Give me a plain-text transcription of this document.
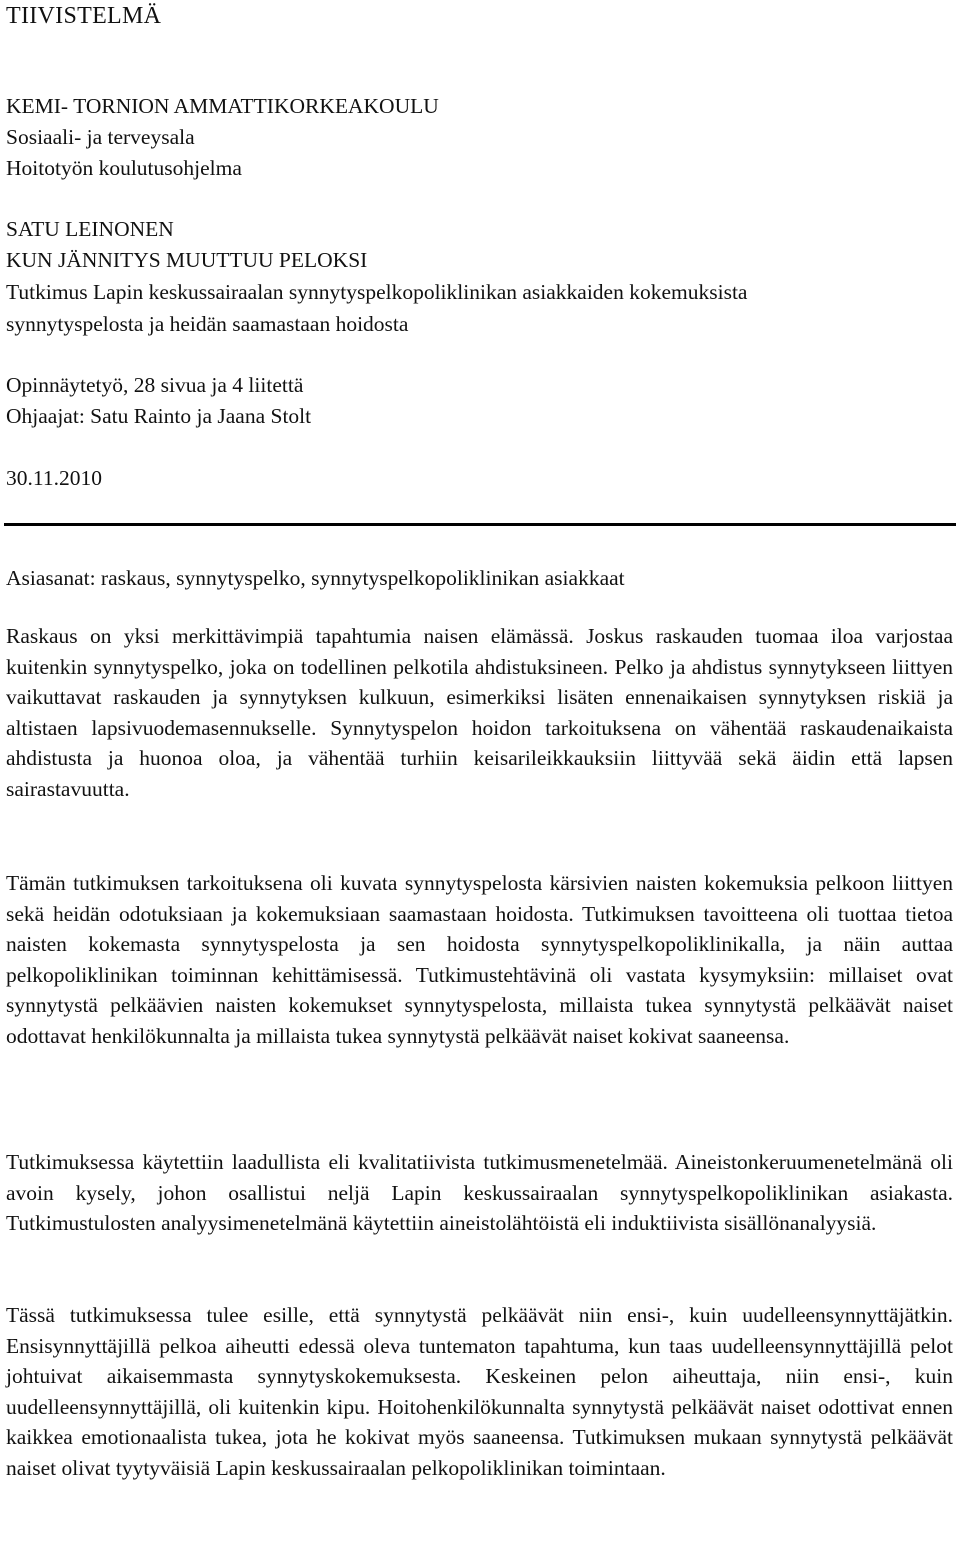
TIIVISTELMÄ
KEMI- TORNION AMMATTIKORKEAKOULU
Sosiaali- ja terveysala
Hoitotyön koulutusohjelma
SATU LEINONEN
KUN JÄNNITYS MUUTTUU PELOKSI
Tutkimus Lapin keskussairaalan synnytyspelkopoliklinikan asiakkaiden kokemuksista
synnytyspelosta ja heidän saamastaan hoidosta
Opinnäytetyö, 28 sivua ja 4 liitettä
Ohjaajat: Satu Rainto ja Jaana Stolt
30.11.2010
Asiasanat: raskaus, synnytyspelko, synnytyspelkopoliklinikan asiakkaat
Raskaus on yksi merkittävimpiä tapahtumia naisen elämässä. Joskus raskauden tuomaa iloa varjostaa kuitenkin synnytyspelko, joka on todellinen pelkotila ahdistuksineen. Pelko ja ahdistus synnytykseen liittyen vaikuttavat raskauden ja synnytyksen kulkuun, esimerkiksi lisäten ennenaikaisen synnytyksen riskiä ja altistaen lapsivuodemasennukselle. Synnytyspelon hoidon tarkoituksena on vähentää raskaudenaikaista ahdistusta ja huonoa oloa, ja vähentää turhiin keisarileikkauksiin liittyvää sekä äidin että lapsen sairastavuutta.
Tämän tutkimuksen tarkoituksena oli kuvata synnytyspelosta kärsivien naisten kokemuksia pelkoon liittyen sekä heidän odotuksiaan ja kokemuksiaan saamastaan hoidosta. Tutkimuksen tavoitteena oli tuottaa tietoa naisten kokemasta synnytyspelosta ja sen hoidosta synnytyspelkopoliklinikalla, ja näin auttaa pelkopoliklinikan toiminnan kehittämisessä. Tutkimustehtävinä oli vastata kysymyksiin: millaiset ovat synnytystä pelkäävien naisten kokemukset synnytyspelosta, millaista tukea synnytystä pelkäävät naiset odottavat henkilökunnalta ja millaista tukea synnytystä pelkäävät naiset kokivat saaneensa.
Tutkimuksessa käytettiin laadullista eli kvalitatiivista tutkimusmenetelmää. Aineistonkeruumenetelmänä oli avoin kysely, johon osallistui neljä Lapin keskussairaalan synnytyspelkopoliklinikan asiakasta. Tutkimustulosten analyysimenetelmänä käytettiin aineistolähtöistä eli induktiivista sisällönanalyysiä.
Tässä tutkimuksessa tulee esille, että synnytystä pelkäävät niin ensi-, kuin uudelleensynnyttäjätkin. Ensisynnyttäjillä pelkoa aiheutti edessä oleva tuntematon tapahtuma, kun taas uudelleensynnyttäjillä pelot johtuivat aikaisemmasta synnytyskokemuksesta. Keskeinen pelon aiheuttaja, niin ensi-, kuin uudelleensynnyttäjillä, oli kuitenkin kipu. Hoitohenkilökunnalta synnytystä pelkäävät naiset odottivat ennen kaikkea emotionaalista tukea, jota he kokivat myös saaneensa. Tutkimuksen mukaan synnytystä pelkäävät naiset olivat tyytyväisiä Lapin keskussairaalan pelkopoliklinikan toimintaan.
